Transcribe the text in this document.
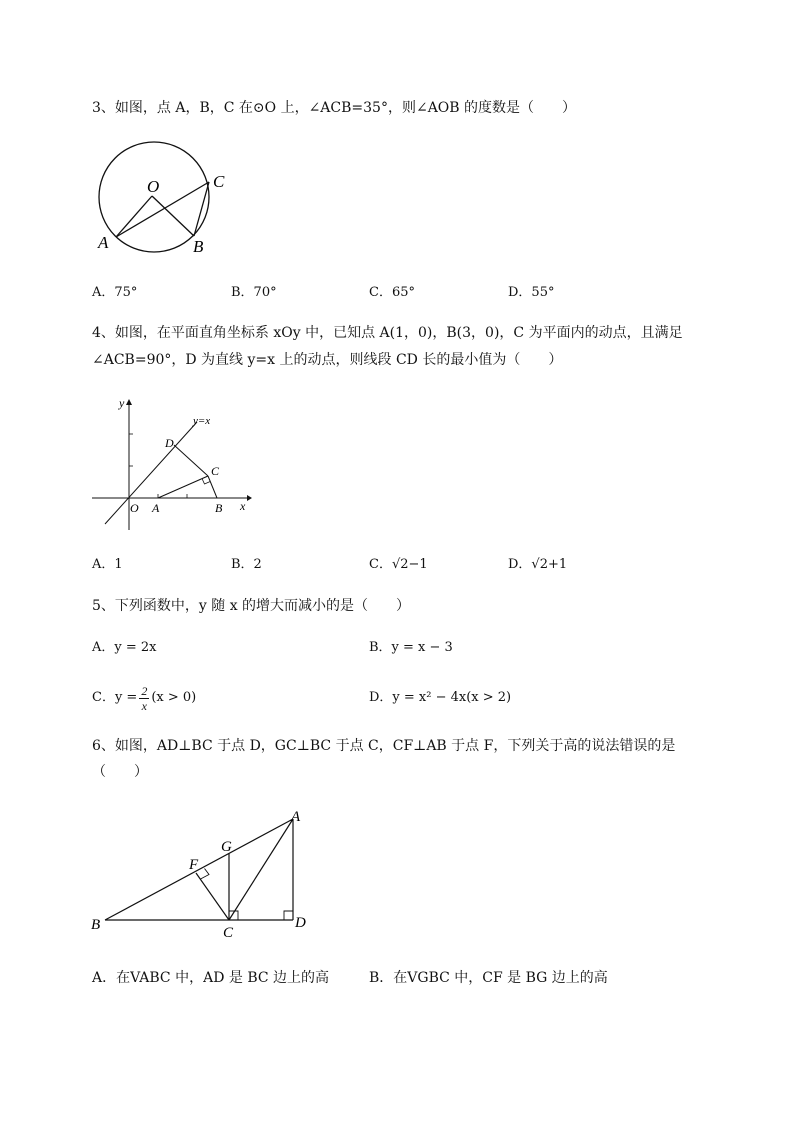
3、如图，点 A，B，C 在⊙O 上，∠ACB=35°，则∠AOB 的度数是（　　）
O
A	B
C
A．75°	B．70°	C．65°	D．55°
4、如图，在平面直角坐标系 xOy 中，已知点 A(1，0)，B(3，0)，C 为平面内的动点，且满足
∠ACB=90°，D 为直线 y=x 上的动点，则线段 CD 长的最小值为（　　）
y
x
y=x
O A	B
C
D
A．1	B．2	C．√2−1	D．√2+1
5、下列函数中，y 随 x 的增大而减小的是（　　）
A．y = 2x	B．y = x − 3
C．$y = \frac{2}{x} (x > 0)$	D．y = x² − 4x(x > 2)
6、如图，AD⊥BC 于点 D，GC⊥BC 于点 C，CF⊥AB 于点 F，下列关于高的说法错误的是
（　　）
A
B	C
D
F
G
A．在VABC 中，AD 是 BC 边上的高	B．在VGBC 中，CF 是 BG 边上的高
